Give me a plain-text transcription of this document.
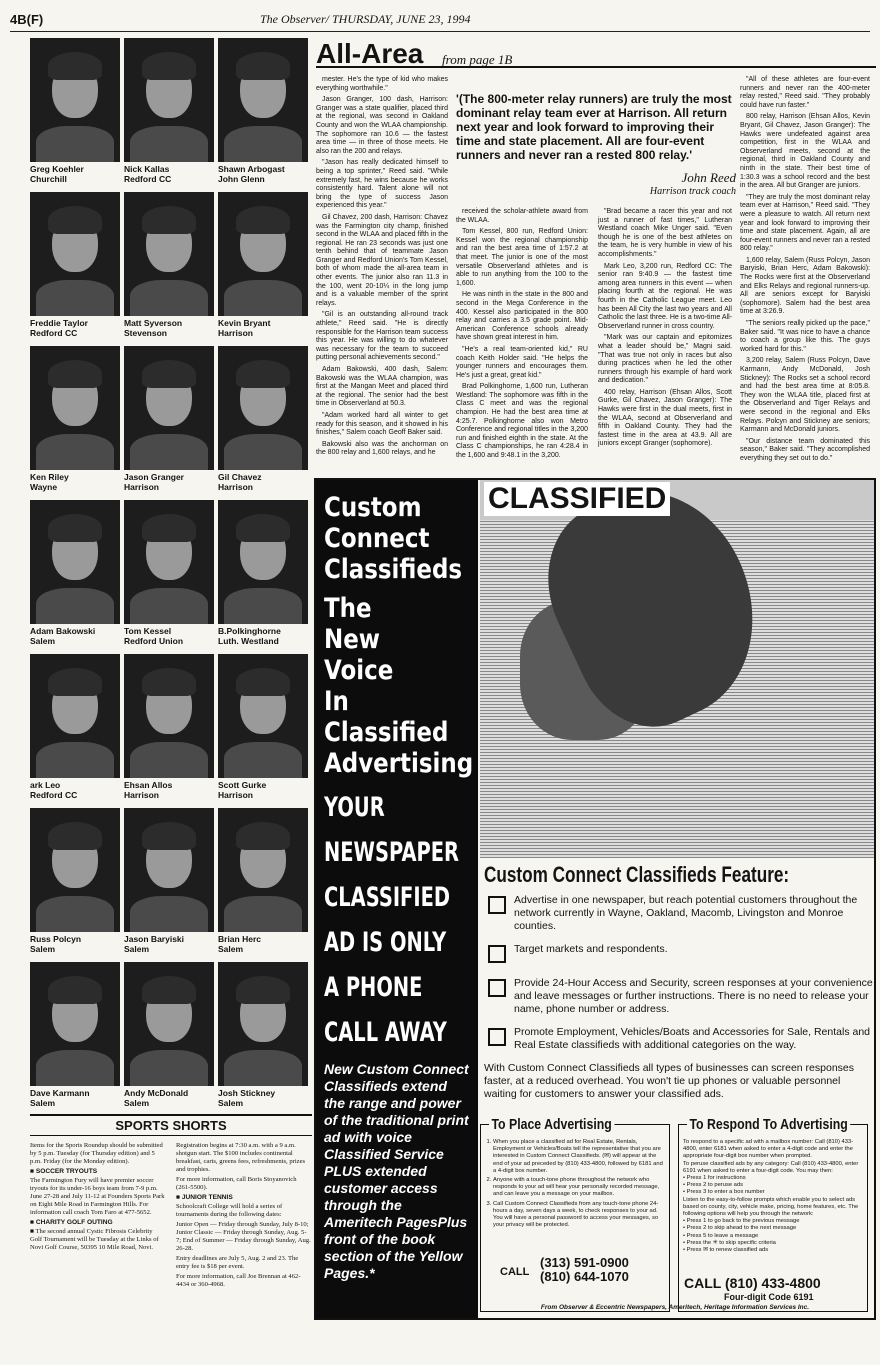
4B(F)	The Observer/ THURSDAY, JUNE 23, 1994
Greg Koehler
Churchill
Nick Kallas
Redford CC
Shawn Arbogast
John Glenn
Freddie Taylor
Redford CC
Matt Syverson
Stevenson
Kevin Bryant
Harrison
Ken Riley
Wayne
Jason Granger
Harrison
Gil Chavez
Harrison
Adam Bakowski
Salem
Tom Kessel
Redford Union
B.Polkinghorne
Luth. Westland
ark Leo
Redford CC
Ehsan Allos
Harrison
Scott Gurke
Harrison
Russ Polcyn
Salem
Jason Baryiski
Salem
Brian Herc
Salem
Dave Karmann
Salem
Andy McDonald
Salem
Josh Stickney
Salem
All-Area from page 1B

mester. He's the type of kid who makes everything worthwhile."

Jason Granger, 100 dash, Harrison: Granger was a state qualifier, placed third at the regional, was second in Oakland County and won the WLAA championship. The sophomore ran 10.6 — the fastest area time — in three of those meets. He also ran the 200 and relays.

"Jason has really dedicated himself to being a top sprinter," Reed said. "While extremely fast, he wins because he works consistently hard. Talent alone will not bring the type of success Jason experienced this year."

Gil Chavez, 200 dash, Harrison: Chavez was the Farmington city champ, finished second in the WLAA and placed fifth in the regional. He ran 23 seconds was just one tenth behind that of teammate Jason Granger and Redford Union's Tom Kessel, both of whom made the all-area team in other events. The junior also ran 11.3 in the 100, went 20-10¼ in the long jump and is a valuable member of the sprint relays.

"Gil is an outstanding all-round track athlete," Reed said. "He is directly responsible for the Harrison team success this year. He was willing to do whatever was necessary for the team to succeed putting personal achievements second."

Adam Bakowski, 400 dash, Salem: Bakowski was the WLAA champion, was first at the Mangan Meet and placed third at the regional. The senior had the best time in Observerland at 50.3.

"Adam worked hard all winter to get ready for this season, and it showed in his finishes," Salem coach Geoff Baker said.

Bakowski also was the anchorman on the 800 relay and 1,600 relays, and he

'(The 800-meter relay runners) are truly the most dominant relay team ever at Harrison. All return next year and look forward to improving their time and state placement. All are four-event runners and never ran a rested 800 relay.'
John Reed
Harrison track coach

received the scholar-athlete award from the WLAA.

Tom Kessel, 800 run, Redford Union: Kessel won the regional championship and ran the best area time of 1:57.2 at that meet. The junior is one of the most versatile Observerland athletes and is able to run anything from the 100 to the 1,600.

He was ninth in the state in the 800 and second in the Mega Conference in the 400. Kessel also participated in the 800 relay and carries a 3.5 grade point. Mid-American Conference schools already have shown great interest in him.

"He's a real team-oriented kid," RU coach Keith Holder said. "He helps the younger runners and encourages them. He's just a great, great kid."

Brad Polkinghorne, 1,600 run, Lutheran Westland: The sophomore was fifth in the Class C meet and was the regional champion. He had the best area time at 4:25.7. Polkinghorne also won Metro Conference and regional titles in the 3,200 run and finished eighth in the state. At the Class C championships, he ran 4:28.4 in the 1,600 and 9:48.1 in the 3,200.

"Brad became a racer this year and not just a runner of fast times," Lutheran Westland coach Mike Unger said. "Even though he is one of the best athletes on the team, he is very humble in view of his accomplishments."

Mark Leo, 3,200 run, Redford CC: The senior ran 9:40.9 — the fastest time among area runners in this event — when placing fourth at the regional. He was fourth in the Catholic League meet. Leo has been All City the last two years and All Catholic the last three. He is a two-time All-Observerland runner in cross country.

"Mark was our captain and epitomizes what a leader should be," Magni said. "That was true not only in races but also during practices when he led the other runners through his example of hard work and dedication."

400 relay, Harrison (Ehsan Allos, Scott Gurke, Gil Chavez, Jason Granger): The Hawks were first in the dual meets, first in the WLAA, second at Observerland and fifth in Oakland County. They had the fastest time in the area at 43.9. All are juniors except Granger (sophomore).

"All of these athletes are four-event runners and never ran the 400-meter relay rested," Reed said. "They probably could have run faster."

800 relay, Harrison (Ehsan Allos, Kevin Bryant, Gil Chavez, Jason Granger): The Hawks were undefeated against area competition, first in the WLAA and Observerland meets, second at the regional, third in Oakland County and ninth in the state. Their best time of 1:30.3 was a school record and the best in the area. All but Granger are juniors.

"They are truly the most dominant relay team ever at Harrison," Reed said. "They were a pleasure to watch. All return next year and look forward to improving their time and state placement. Again, all are four-event runners and never ran a rested 800 relay."

1,600 relay, Salem (Russ Polcyn, Jason Baryiski, Brian Herc, Adam Bakowski): The Rocks were first at the Observerland and Elks Relays and regional runners-up. All are seniors except for Baryiski (sophomore). Salem had the best area time at 3:26.9.

"The seniors really picked up the pace," Baker said. "It was nice to have a chance to coach a group like this. The guys worked hard for this."

3,200 relay, Salem (Russ Polcyn, Dave Karmann, Andy McDonald, Josh Stickney): The Rocks set a school record and had the best area time at 8:05.8. They won the WLAA title, placed first at the Observerland and Tiger Relays and were second in the regional and Elks Relays. Polcyn and Stickney are seniors; Karmann and McDonald juniors.

"Our distance team dominated this season," Baker said. "They accomplished everything they set out to do."

Custom
Connect
Classifieds
The
New
Voice
In
Classified
Advertising
YOUR
NEWSPAPER
CLASSIFIED
AD IS ONLY
A PHONE
CALL AWAY
New Custom Connect Classifieds extend the range and power of the traditional print ad with voice Classified Service PLUS extended customer access through the Ameritech PagesPlus front of the book section of the Yellow Pages.*
CLASSIFIED
Custom Connect Classifieds Feature:
Advertise in one newspaper, but reach potential customers throughout the network currently in Wayne, Oakland, Macomb, Livingston and Monroe counties.
Target markets and respondents.
Provide 24-Hour Access and Security, screen responses at your convenience and leave messages or further instructions. There is no need to release your name, phone number or address.
Promote Employment, Vehicles/Boats and Accessories for Sale, Rentals and Real Estate classifieds with additional categories on the way.
With Custom Connect Classifieds all types of businesses can screen responses faster, at a reduced overhead. You won't tie up phones or valuable personnel waiting for customers to answer your classified ads.
To Place Advertising
1. When you place a classified ad for Real Estate, Rentals, Employment or Vehicles/Boats tell the representative that you are interested in Custom Connect Classifieds. (✉) will appear at the end of your ad preceded by (810) 433-4800, followed by 6181 and a 4-digit box number.
2. Anyone with a touch-tone phone throughout the network who responds to your ad will hear your personally recorded message, and can leave you a message on your mailbox.
3. Call Custom Connect Classifieds from any touch-tone phone 24-hours a day, seven days a week, to check responses to your ad. You will have a personal password to access your messages, so your privacy will be protected.
CALL
(313) 591-0900
(810) 644-1070
To Respond To Advertising
To respond to a specific ad with a mailbox number: Call (810) 433-4800, enter 6181 when asked to enter a 4-digit code and enter the appropriate four-digit box number when prompted.
To peruse classified ads by any category: Call (810) 433-4800, enter 6191 when asked to enter a four-digit code. You may then:
• Press 1 for instructions
• Press 2 to peruse ads
• Press 3 to enter a box number
Listen to the easy-to-follow prompts which enable you to select ads based on county, city, vehicle make, pricing, home features, etc. The following options will help you through the network:
• Press 1 to go back to the previous message
• Press 2 to skip ahead to the next message
• Press 5 to leave a message
• Press the ✳ to skip specific criteria
• Press ✉ to renew classified ads
CALL (810) 433-4800
Four-digit Code 6191
From Observer & Eccentric Newspapers, Ameritech, Heritage Information Services Inc.
SPORTS SHORTS

Items for the Sports Roundup should be submitted by 5 p.m. Tuesday (for Thursday edition) and 5 p.m. Friday (for the Monday edition).

■ SOCCER TRYOUTS

The Farmington Fury will have premier soccer tryouts for its under-16 boys team from 7-9 p.m. June 27-28 and July 11-12 at Founders Sports Park on Eight Mile Road in Farmington Hills. For information call coach Tom Faro at 477-5652.

■ CHARITY GOLF OUTING

■ The second annual Cystic Fibrosis Celebrity Golf Tournament will be Tuesday at the Links of Novi Golf Course, 50395 10 Mile Road, Novi.

Registration begins at 7:30 a.m. with a 9 a.m. shotgun start. The $100 includes continental breakfast, carts, greens fees, refreshments, prizes and trophies.

For more information, call Boris Stoyanovich (261-5500).

■ JUNIOR TENNIS

Schoolcraft College will hold a series of tournaments during the following dates:

Junior Open — Friday through Sunday, July 8-10; Junior Classic — Friday through Sunday, Aug. 5-7; End of Summer — Friday through Sunday, Aug. 26-28.

Entry deadlines are July 5, Aug. 2 and 23. The entry fee is $18 per event.

For more information, call Joe Brennan at 462-4434 or 360-4968.
